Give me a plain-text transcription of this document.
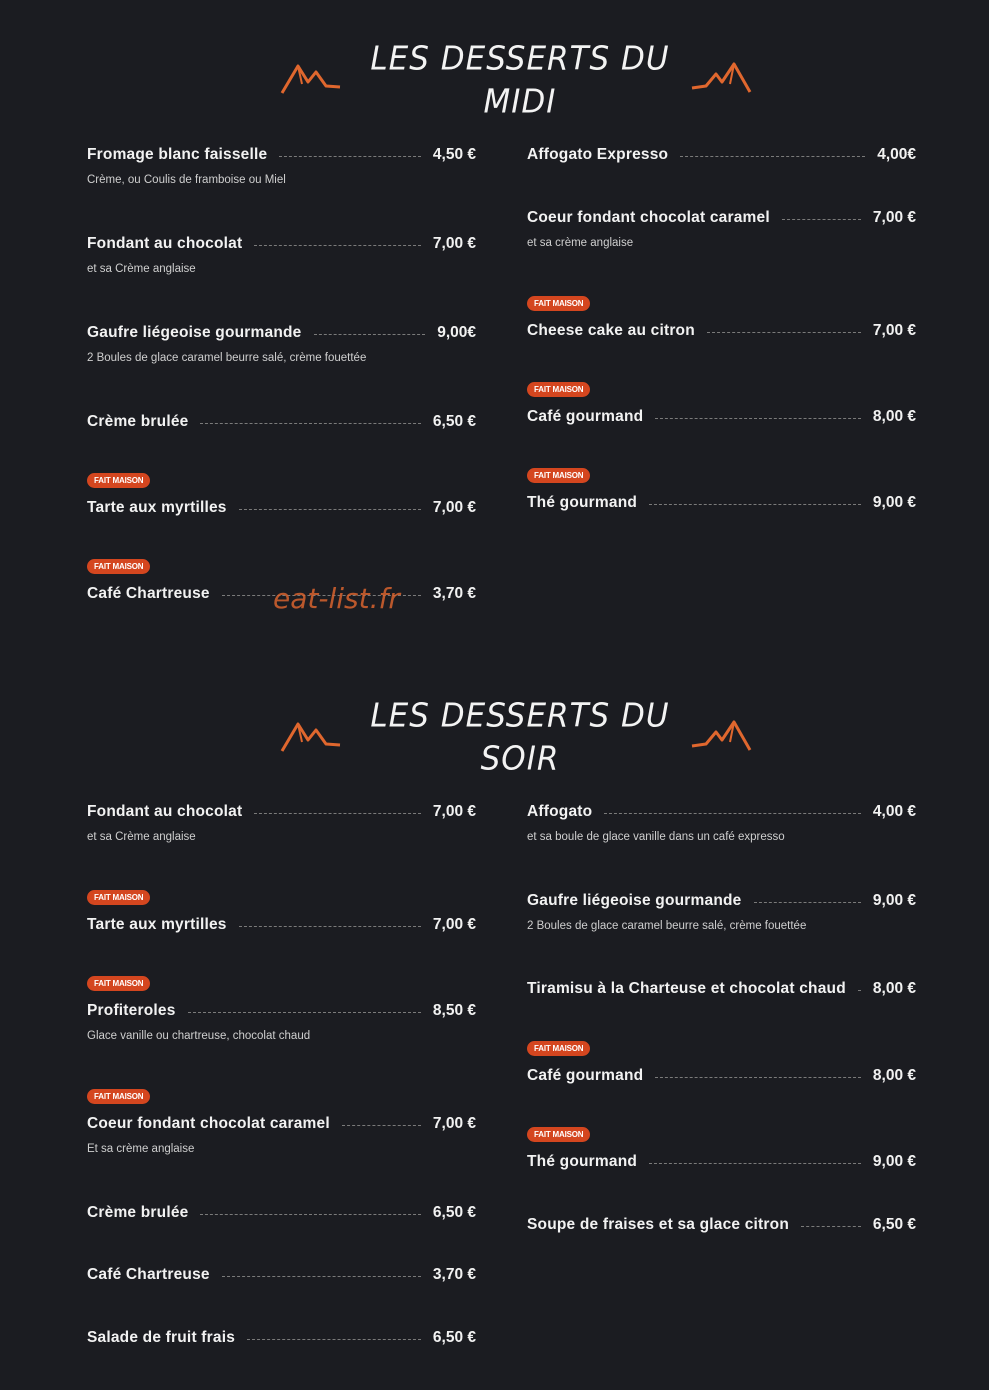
LES DESSERTS DU MIDI
Fromage blanc faisselle	4,50 €
Crème, ou Coulis de framboise ou Miel
Fondant au chocolat	7,00 €
et sa Crème anglaise
Gaufre liégeoise gourmande	9,00€
2 Boules de glace caramel beurre salé, crème fouettée
Crème brulée	6,50 €
FAIT MAISON
Tarte aux myrtilles	7,00 €
FAIT MAISON
Café Chartreuse	3,70 €
Affogato Expresso	4,00€
Coeur fondant chocolat caramel	7,00 €
et sa crème anglaise
FAIT MAISON
Cheese cake au citron	7,00 €
FAIT MAISON
Café gourmand	8,00 €
FAIT MAISON
Thé gourmand	9,00 €
LES DESSERTS DU SOIR
Fondant au chocolat	7,00 €
et sa Crème anglaise
FAIT MAISON
Tarte aux myrtilles	7,00 €
FAIT MAISON
Profiteroles	8,50 €
Glace vanille ou chartreuse, chocolat chaud
FAIT MAISON
Coeur fondant chocolat caramel	7,00 €
Et sa crème anglaise
Crème brulée	6,50 €
Café Chartreuse	3,70 €
Salade de fruit frais	6,50 €
Affogato	4,00 €
et sa boule de glace vanille dans un café expresso
Gaufre liégeoise gourmande	9,00 €
2 Boules de glace caramel beurre salé, crème fouettée
Tiramisu à la Charteuse et chocolat chaud 8,00 €
FAIT MAISON
Café gourmand	8,00 €
FAIT MAISON
Thé gourmand	9,00 €
Soupe de fraises et sa glace citron	6,50 €
eat-list.fr
